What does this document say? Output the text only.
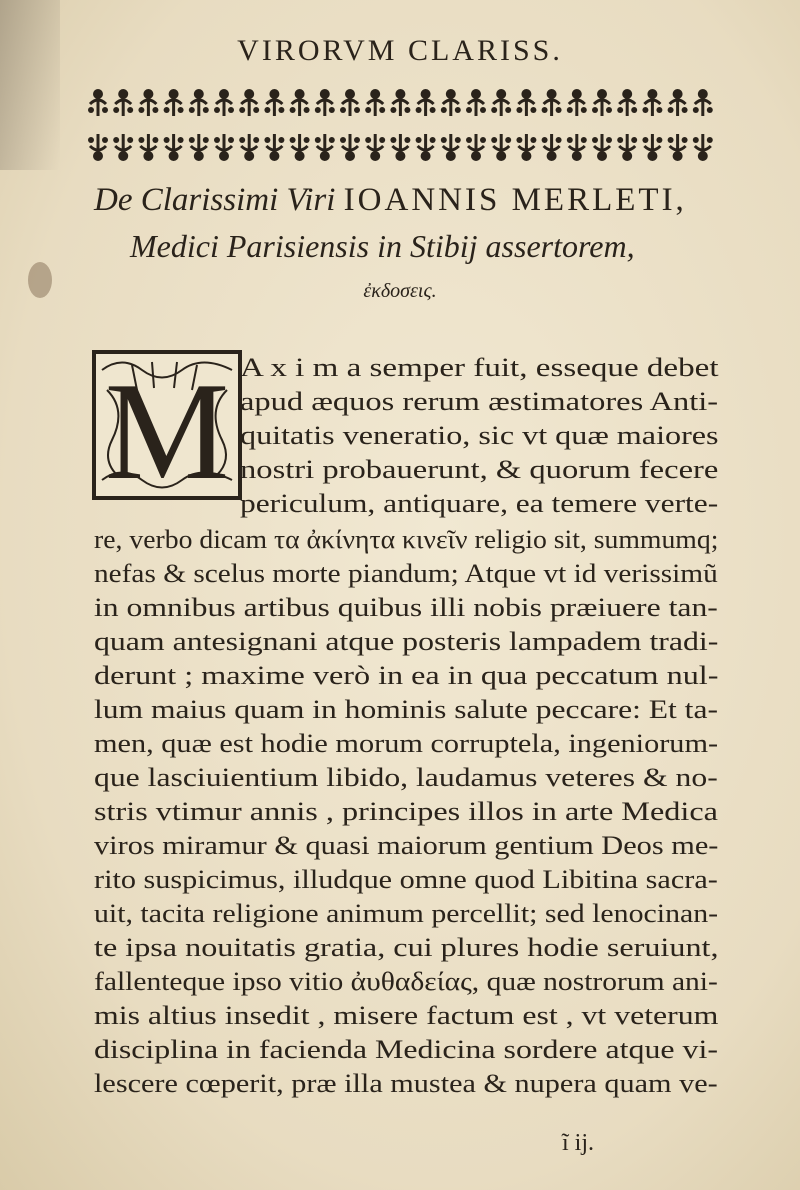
VIRORVM CLARISS.
De Clarissimi Viri IOANNIS MERLETI,
Medici Parisiensis in Stibij assertorem,
ἐκδοσεις.
M A x i m a semper fuit, esseque debet
apud æquos rerum æstimatores Anti-
quitatis veneratio, sic vt quæ maiores
nostri probauerunt, & quorum fecere
periculum, antiquare, ea temere verte-
re, verbo dicam τα ἀκίνητα κινεῖν religio sit, summumq;
nefas & scelus morte piandum; Atque vt id verissimũ
in omnibus artibus quibus illi nobis præiuere tan-
quam antesignani atque posteris lampadem tradi-
derunt ; maxime verò in ea in qua peccatum nul-
lum maius quam in hominis salute peccare: Et ta-
men, quæ est hodie morum corruptela, ingeniorum-
que lasciuientium libido, laudamus veteres & no-
stris vtimur annis , principes illos in arte Medica
viros miramur & quasi maiorum gentium Deos me-
rito suspicimus, illudque omne quod Libitina sacra-
uit, tacita religione animum percellit; sed lenocinan-
te ipsa nouitatis gratia, cui plures hodie seruiunt,
fallenteque ipso vitio ἀυθαδείας, quæ nostrorum ani-
mis altius insedit , misere factum est , vt veterum
disciplina in facienda Medicina sordere atque vi-
lescere cœperit, præ illa mustea & nupera quam ve-
ĩ ij.
